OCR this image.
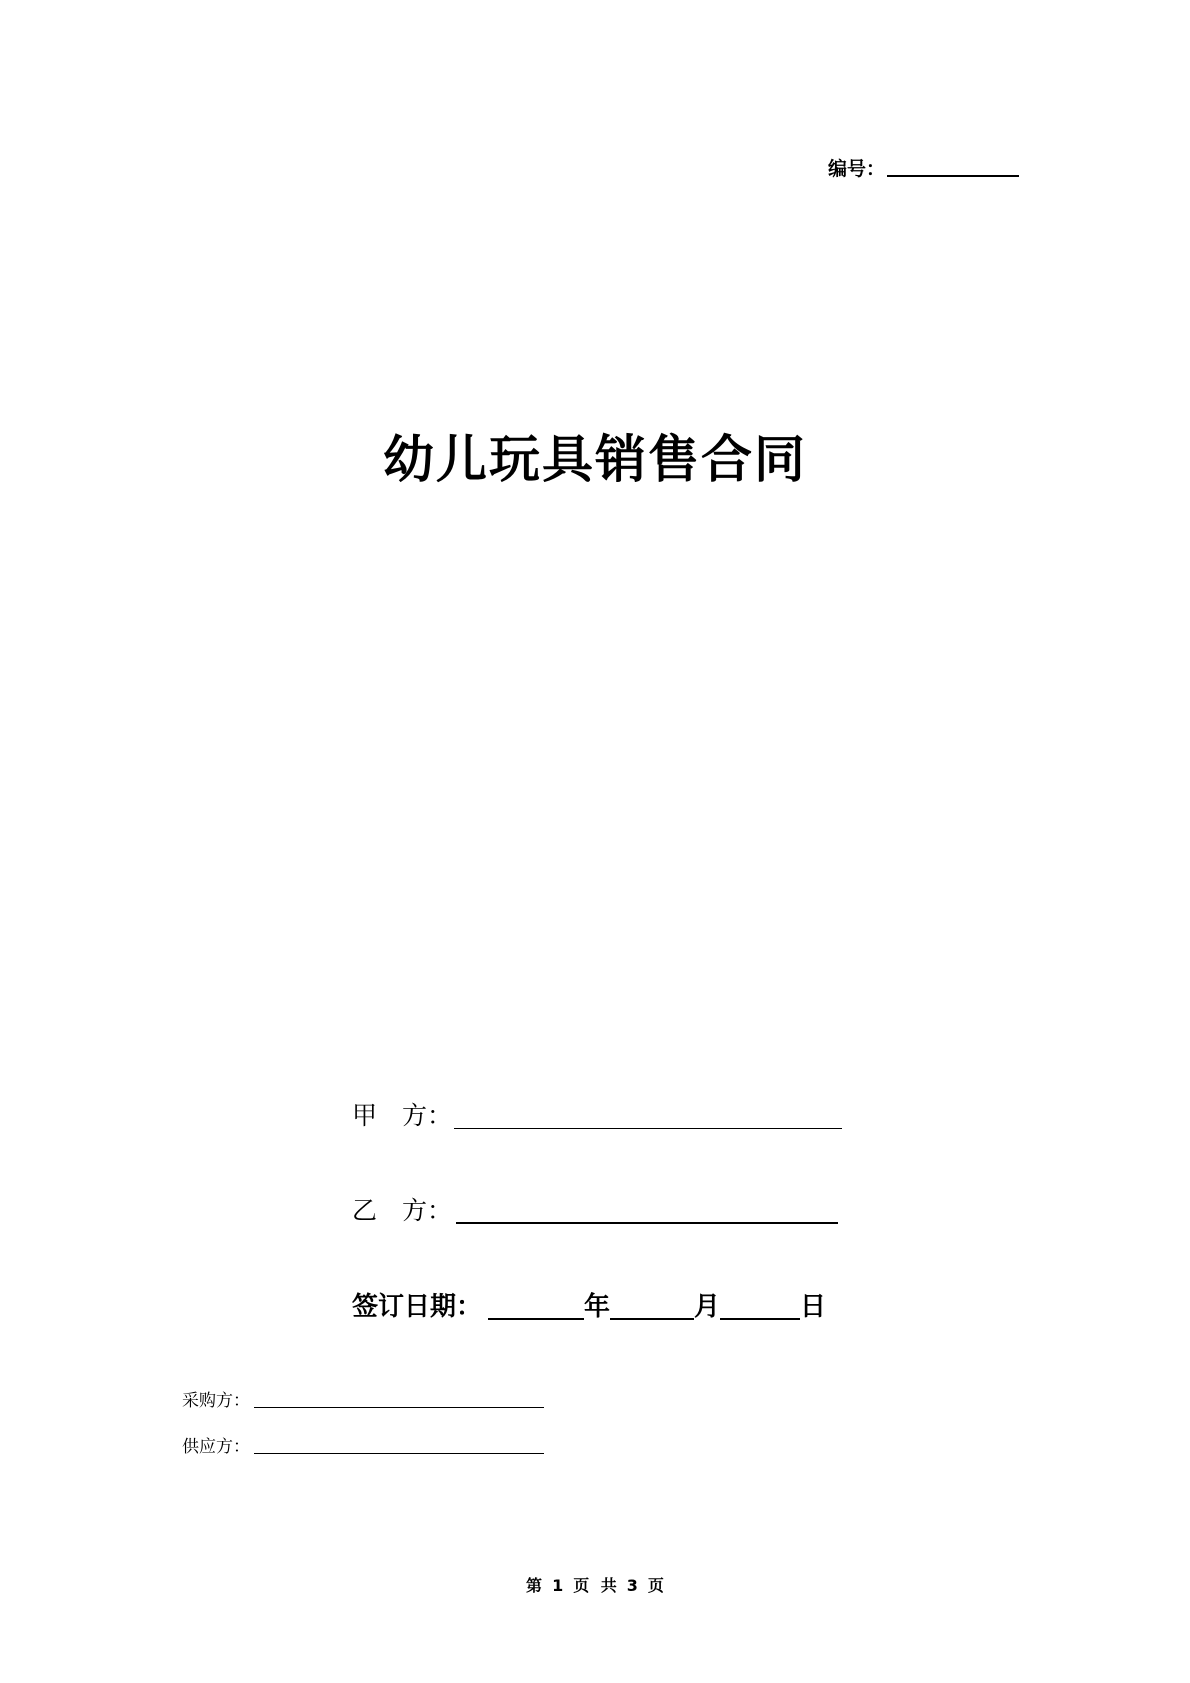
编号：
幼儿玩具销售合同
甲　方：
乙　方：
签订日期：	年	月	日
采购方：
供应方：
第 1 页 共 3 页
